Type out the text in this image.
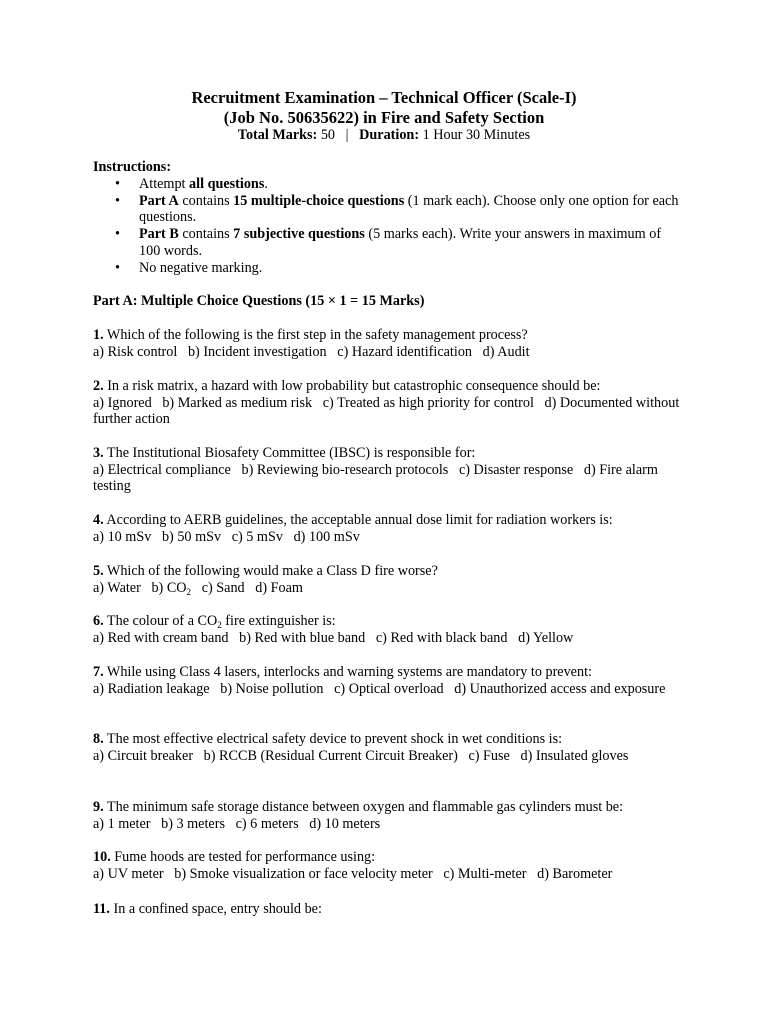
Recruitment Examination – Technical Officer (Scale-I)
(Job No. 50635622) in Fire and Safety Section
Total Marks: 50   |   Duration: 1 Hour 30 Minutes
Instructions:
• Attempt all questions.
• Part A contains 15 multiple-choice questions (1 mark each). Choose only one option for each questions.
• Part B contains 7 subjective questions (5 marks each). Write your answers in maximum of 100 words.
• No negative marking.
Part A: Multiple Choice Questions (15 × 1 = 15 Marks)
1. Which of the following is the first step in the safety management process?
a) Risk control   b) Incident investigation   c) Hazard identification   d) Audit
2. In a risk matrix, a hazard with low probability but catastrophic consequence should be:
a) Ignored   b) Marked as medium risk   c) Treated as high priority for control   d) Documented without further action
3. The Institutional Biosafety Committee (IBSC) is responsible for:
a) Electrical compliance   b) Reviewing bio-research protocols   c) Disaster response   d) Fire alarm testing
4. According to AERB guidelines, the acceptable annual dose limit for radiation workers is:
a) 10 mSv   b) 50 mSv   c) 5 mSv   d) 100 mSv
5. Which of the following would make a Class D fire worse?
a) Water   b) $CO_2$   c) Sand   d) Foam
6. The colour of a $CO_2$ fire extinguisher is:
a) Red with cream band   b) Red with blue band   c) Red with black band   d) Yellow
7. While using Class 4 lasers, interlocks and warning systems are mandatory to prevent:
a) Radiation leakage   b) Noise pollution   c) Optical overload   d) Unauthorized access and exposure
8. The most effective electrical safety device to prevent shock in wet conditions is:
a) Circuit breaker   b) RCCB (Residual Current Circuit Breaker)   c) Fuse   d) Insulated gloves
9. The minimum safe storage distance between oxygen and flammable gas cylinders must be:
a) 1 meter   b) 3 meters   c) 6 meters   d) 10 meters
10. Fume hoods are tested for performance using:
a) UV meter   b) Smoke visualization or face velocity meter   c) Multi-meter   d) Barometer
11. In a confined space, entry should be:
